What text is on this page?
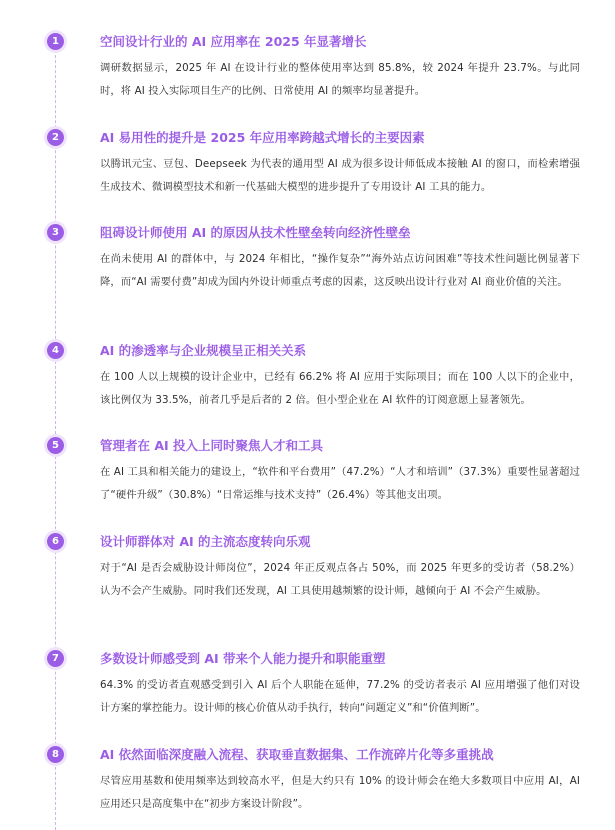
1	空间设计行业的 AI 应用率在 2025 年显著增长
调研数据显示，2025 年 AI 在设计行业的整体使用率达到 85.8%，较 2024 年提升 23.7%。与此同时，将 AI 投入实际项目生产的比例、日常使用 AI 的频率均显著提升。
2	AI 易用性的提升是 2025 年应用率跨越式增长的主要因素
以腾讯元宝、豆包、Deepseek 为代表的通用型 AI 成为很多设计师低成本接触 AI 的窗口，而检索增强生成技术、微调模型技术和新一代基础大模型的进步提升了专用设计 AI 工具的能力。
3	阻碍设计师使用 AI 的原因从技术性壁垒转向经济性壁垒
在尚未使用 AI 的群体中，与 2024 年相比，“操作复杂”“海外站点访问困难”等技术性问题比例显著下降，而“AI 需要付费”却成为国内外设计师重点考虑的因素，这反映出设计行业对 AI 商业价值的关注。
4	AI 的渗透率与企业规模呈正相关关系
在 100 人以上规模的设计企业中，已经有 66.2% 将 AI 应用于实际项目；而在 100 人以下的企业中，该比例仅为 33.5%，前者几乎是后者的 2 倍。但小型企业在 AI 软件的订阅意愿上显著领先。
5	管理者在 AI 投入上同时聚焦人才和工具
在 AI 工具和相关能力的建设上，“软件和平台费用”（47.2%）“人才和培训”（37.3%）重要性显著超过了“硬件升级”（30.8%）“日常运维与技术支持”（26.4%）等其他支出项。
6	设计师群体对 AI 的主流态度转向乐观
对于“AI 是否会威胁设计师岗位”，2024 年正反观点各占 50%，而 2025 年更多的受访者（58.2%）认为不会产生威胁。同时我们还发现，AI 工具使用越频繁的设计师，越倾向于 AI 不会产生威胁。
7	多数设计师感受到 AI 带来个人能力提升和职能重塑
64.3% 的受访者直观感受到引入 AI 后个人职能在延伸，77.2% 的受访者表示 AI 应用增强了他们对设计方案的掌控能力。设计师的核心价值从动手执行，转向“问题定义”和“价值判断”。
8	AI 依然面临深度融入流程、获取垂直数据集、工作流碎片化等多重挑战
尽管应用基数和使用频率达到较高水平，但是大约只有 10% 的设计师会在绝大多数项目中应用 AI，AI 应用还只是高度集中在“初步方案设计阶段”。
